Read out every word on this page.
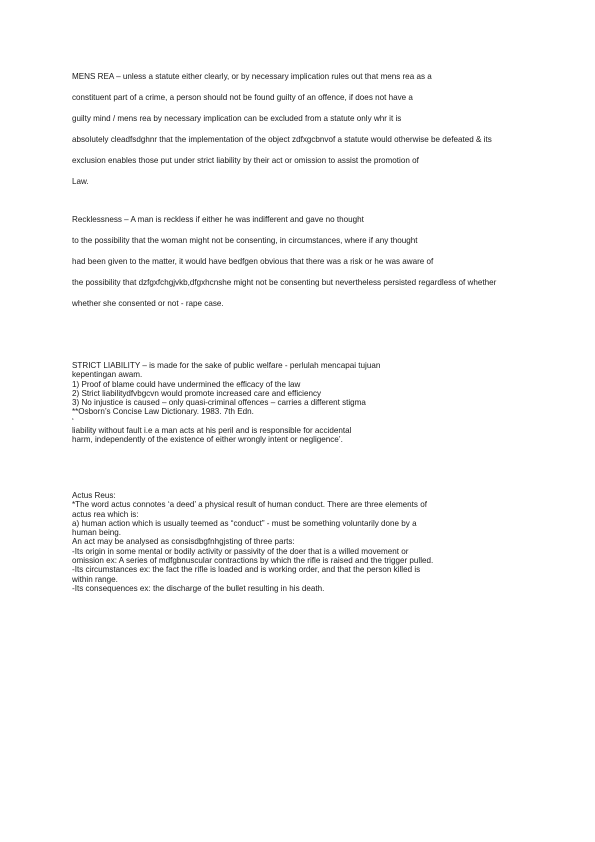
MENS REA – unless a statute either clearly, or by necessary implication rules out that mens rea as a
constituent part of a crime, a person should not be found guilty of an offence, if does not have a
guilty mind / mens rea by necessary implication can be excluded from a statute only whr it is
absolutely cleadfsdghnr that the implementation of the object zdfxgcbnvof a statute would otherwise be defeated & its
exclusion enables those put under strict liability by their act or omission to assist the promotion of
Law.
Recklessness – A man is reckless if either he was indifferent and gave no thought
to the possibility that the woman might not be consenting, in circumstances, where if any thought
had been given to the matter, it would have bedfgen obvious that there was a risk or he was aware of
the possibility that dzfgxfchgjvkb,dfgxhcnshe might not be consenting but nevertheless persisted regardless of whether
whether she consented or not - rape case.
STRICT LIABILITY – is made for the sake of public welfare - perlulah mencapai tujuan
kepentingan awam.
1) Proof of blame could have undermined the efficacy of the law
2) Strict liabilitydfvbgcvn would promote increased care and efficiency
3) No injustice is caused – only quasi-criminal offences – carries a different stigma
**Osborn’s Concise Law Dictionary. 1983. 7th Edn.
‘
liability without fault i.e a man acts at his peril and is responsible for accidental
harm, independently of the existence of either wrongly intent or negligence’.
Actus Reus:
*The word actus connotes ‘a deed’ a physical result of human conduct. There are three elements of
actus rea which is:
a) human action which is usually teemed as “conduct” - must be something voluntarily done by a
human being.
An act may be analysed as consisdbgfnhgjsting of three parts:
-Its origin in some mental or bodily activity or passivity of the doer that is a willed movement or
omission ex: A series of mdfgbnuscular contractions by which the rifle is raised and the trigger pulled.
-Its circumstances ex: the fact the rifle is loaded and is working order, and that the person killed is
within range.
-Its consequences ex: the discharge of the bullet resulting in his death.
